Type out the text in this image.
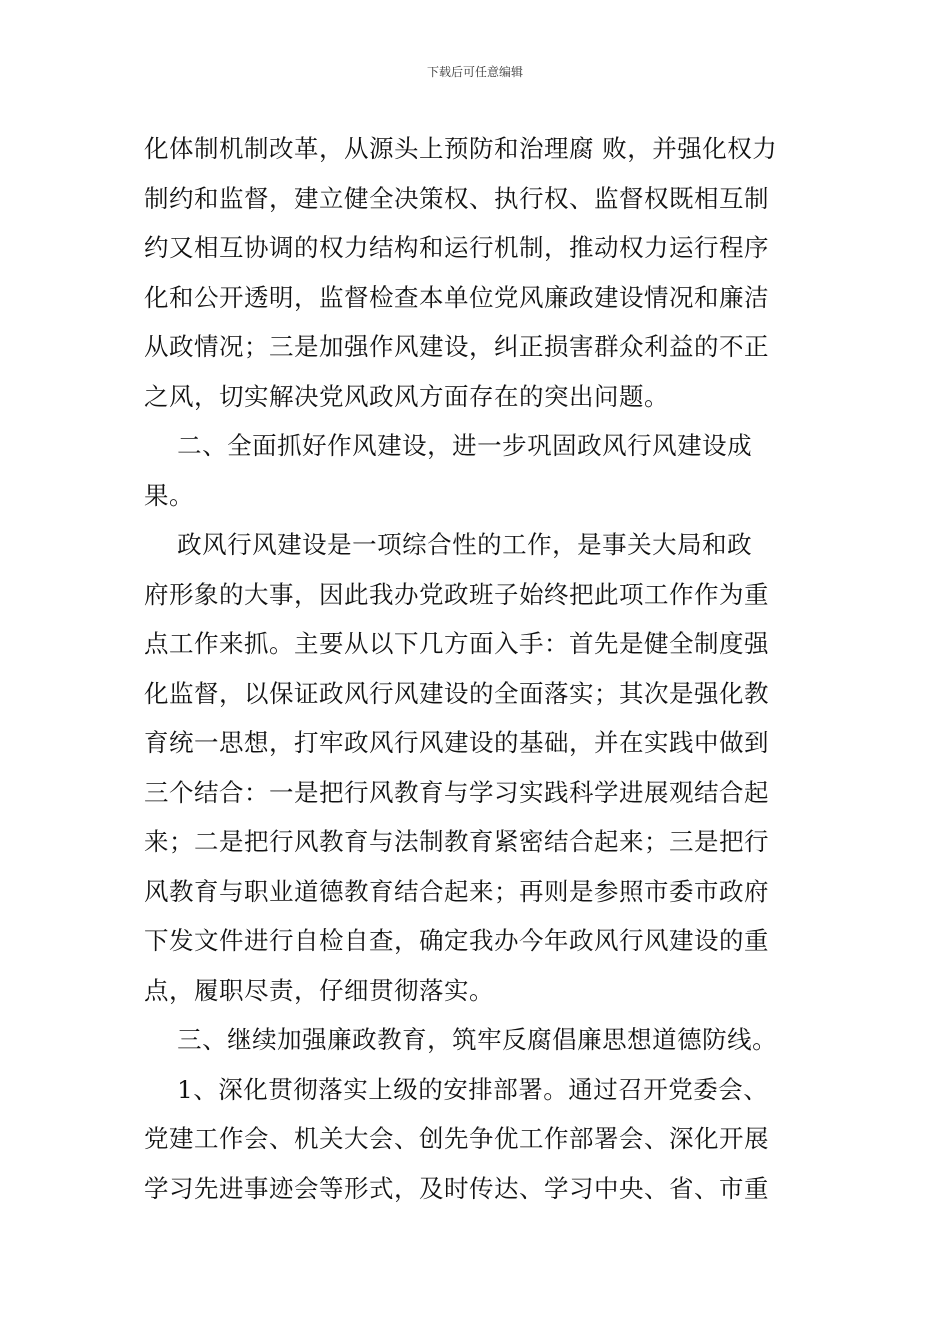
下载后可任意编辑
化体制机制改革，从源头上预防和治理腐 败，并强化权力
制约和监督，建立健全决策权、执行权、监督权既相互制
约又相互协调的权力结构和运行机制，推动权力运行程序
化和公开透明，监督检查本单位党风廉政建设情况和廉洁
从政情况；三是加强作风建设，纠正损害群众利益的不正
之风，切实解决党风政风方面存在的突出问题。
二、全面抓好作风建设，进一步巩固政风行风建设成
果。
政风行风建设是一项综合性的工作，是事关大局和政
府形象的大事，因此我办党政班子始终把此项工作作为重
点工作来抓。主要从以下几方面入手：首先是健全制度强
化监督，以保证政风行风建设的全面落实；其次是强化教
育统一思想，打牢政风行风建设的基础，并在实践中做到
三个结合：一是把行风教育与学习实践科学进展观结合起
来；二是把行风教育与法制教育紧密结合起来；三是把行
风教育与职业道德教育结合起来；再则是参照市委市政府
下发文件进行自检自查，确定我办今年政风行风建设的重
点，履职尽责，仔细贯彻落实。
三、继续加强廉政教育，筑牢反腐倡廉思想道德防线。
1、深化贯彻落实上级的安排部署。通过召开党委会、
党建工作会、机关大会、创先争优工作部署会、深化开展
学习先进事迹会等形式，及时传达、学习中央、省、市重
